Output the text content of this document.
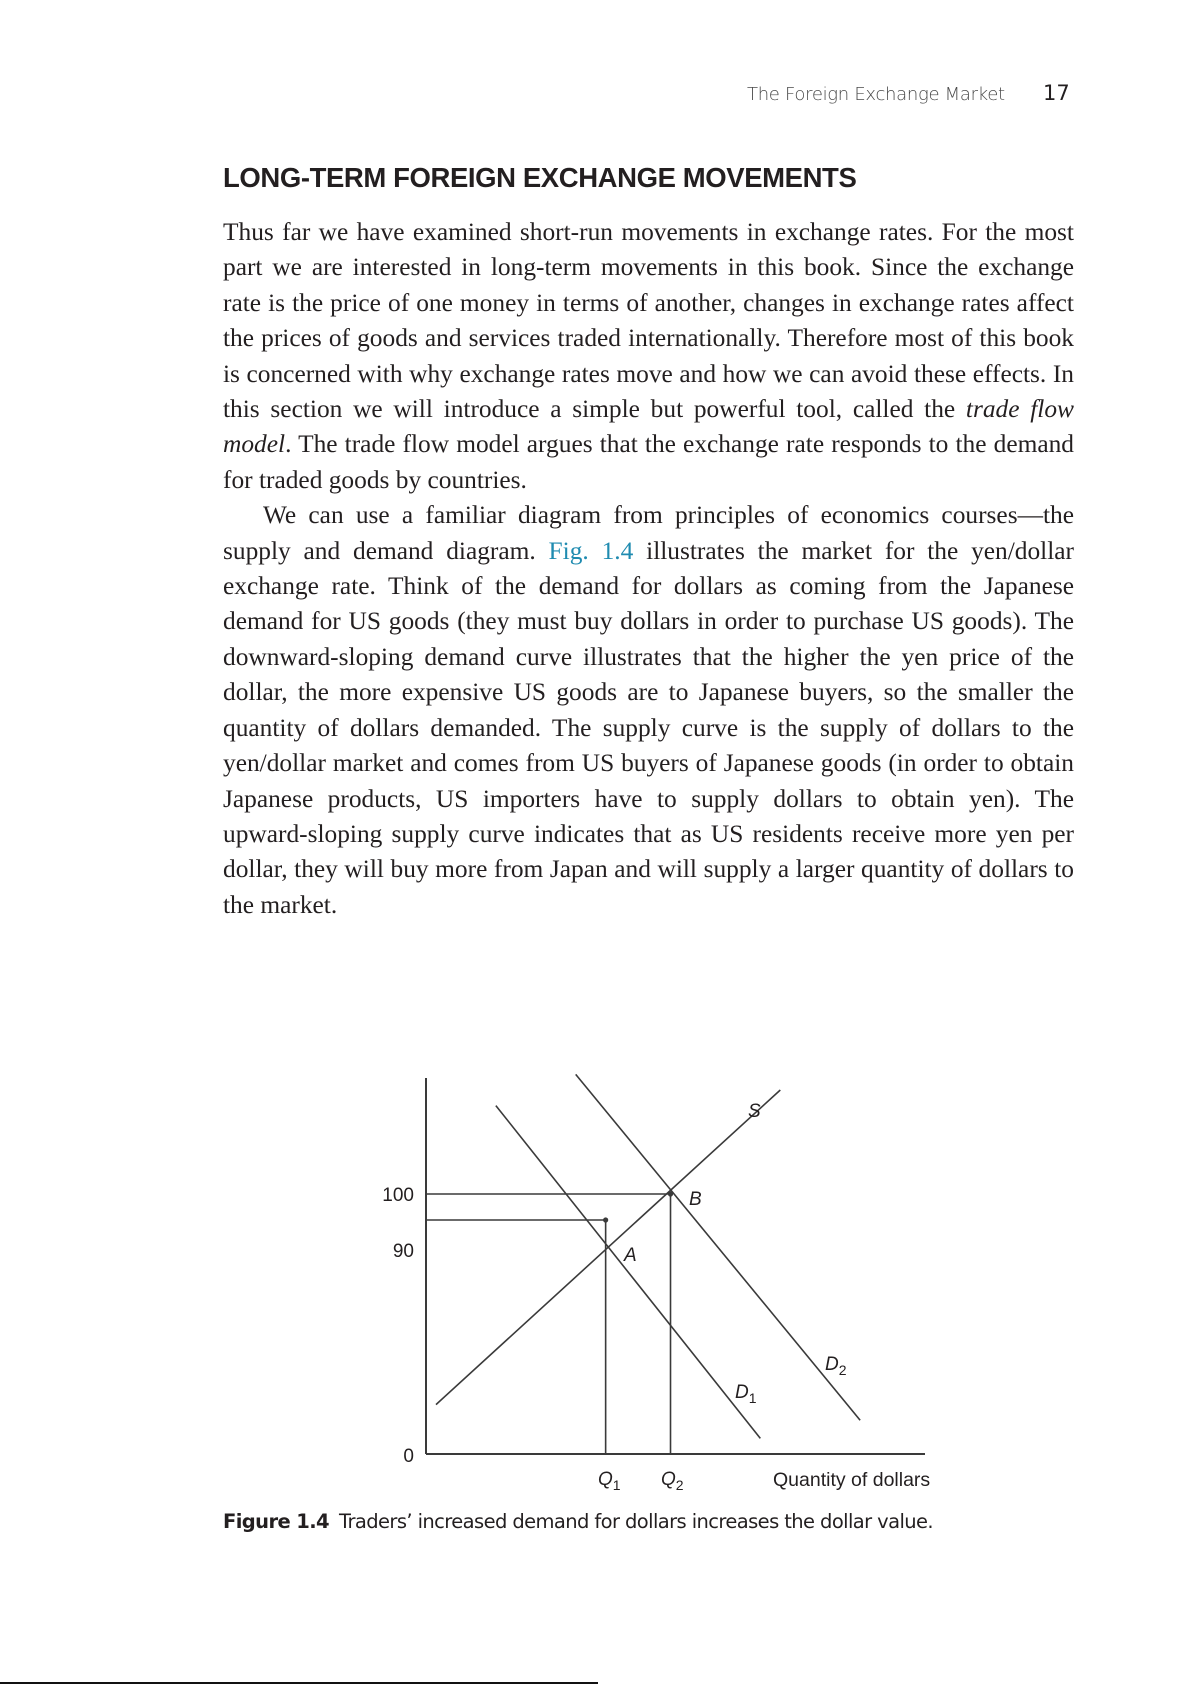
The Foreign Exchange Market 17
LONG-TERM FOREIGN EXCHANGE MOVEMENTS

Thus far we have examined short-run movements in exchange rates. For the most part we are interested in long-term movements in this book. Since the exchange rate is the price of one money in terms of another, changes in exchange rates affect the prices of goods and services traded internationally. Therefore most of this book is concerned with why exchange rates move and how we can avoid these effects. In this section we will introduce a simple but powerful tool, called the trade flow model. The trade flow model argues that the exchange rate responds to the demand for traded goods by countries.

We can use a familiar diagram from principles of economics courses—the supply and demand diagram. Fig. 1.4 illustrates the market for the yen/dollar exchange rate. Think of the demand for dollars as coming from the Japanese demand for US goods (they must buy dollars in order to purchase US goods). The downward-sloping demand curve illustrates that the higher the yen price of the dollar, the more expensive US goods are to Japanese buyers, so the smaller the quantity of dollars demanded. The supply curve is the supply of dollars to the yen/dollar market and comes from US buyers of Japanese goods (in order to obtain Japanese products, US importers have to supply dollars to obtain yen). The upward-sloping supply curve indicates that as US residents receive more yen per dollar, they will buy more from Japan and will supply a larger quantity of dollars to the market.

100
90
0
S
$D_1$
$D_2$
A
B
$Q_1$ $Q_2$	Quantity of dollars
Figure 1.4 Traders’ increased demand for dollars increases the dollar value.
